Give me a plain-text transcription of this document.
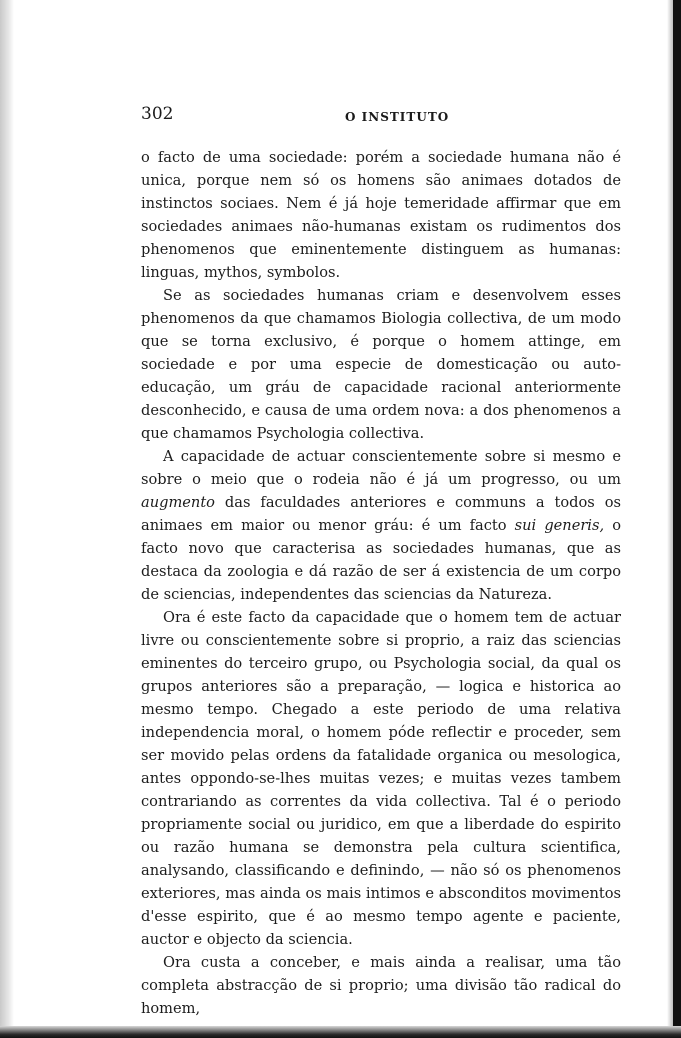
302	O INSTITUTO

o facto de uma sociedade: porém a sociedade humana não é unica, porque nem só os homens são animaes dotados de instinctos sociaes. Nem é já hoje temeridade affirmar que em sociedades animaes não-humanas existam os rudimentos dos phenomenos que eminentemente distinguem as humanas: linguas, mythos, symbolos.

Se as sociedades humanas criam e desenvolvem esses phenomenos da que chamamos Biologia collectiva, de um modo que se torna exclusivo, é porque o homem attinge, em sociedade e por uma especie de domesticação ou auto-educação, um gráu de capacidade racional anteriormente desconhecido, e causa de uma ordem nova: a dos phenomenos a que chamamos Psychologia collectiva.

A capacidade de actuar conscientemente sobre si mesmo e sobre o meio que o rodeia não é já um progresso, ou um augmento das faculdades anteriores e communs a todos os animaes em maior ou menor gráu: é um facto sui generis, o facto novo que caracterisa as sociedades humanas, que as destaca da zoologia e dá razão de ser á existencia de um corpo de sciencias, independentes das sciencias da Natureza.

Ora é este facto da capacidade que o homem tem de actuar livre ou conscientemente sobre si proprio, a raiz das sciencias eminentes do terceiro grupo, ou Psychologia social, da qual os grupos anteriores são a preparação, — logica e historica ao mesmo tempo. Chegado a este periodo de uma relativa independencia moral, o homem póde reflectir e proceder, sem ser movido pelas ordens da fatalidade organica ou mesologica, antes oppondo-se-lhes muitas vezes; e muitas vezes tambem contrariando as correntes da vida collectiva. Tal é o periodo propriamente social ou juridico, em que a liberdade do espirito ou razão humana se demonstra pela cultura scientifica, analysando, classificando e definindo, — não só os phenomenos exteriores, mas ainda os mais intimos e absconditos movimentos d'esse espirito, que é ao mesmo tempo agente e paciente, auctor e objecto da sciencia.

Ora custa a conceber, e mais ainda a realisar, uma tão completa abstracção de si proprio; uma divisão tão radical do homem,
